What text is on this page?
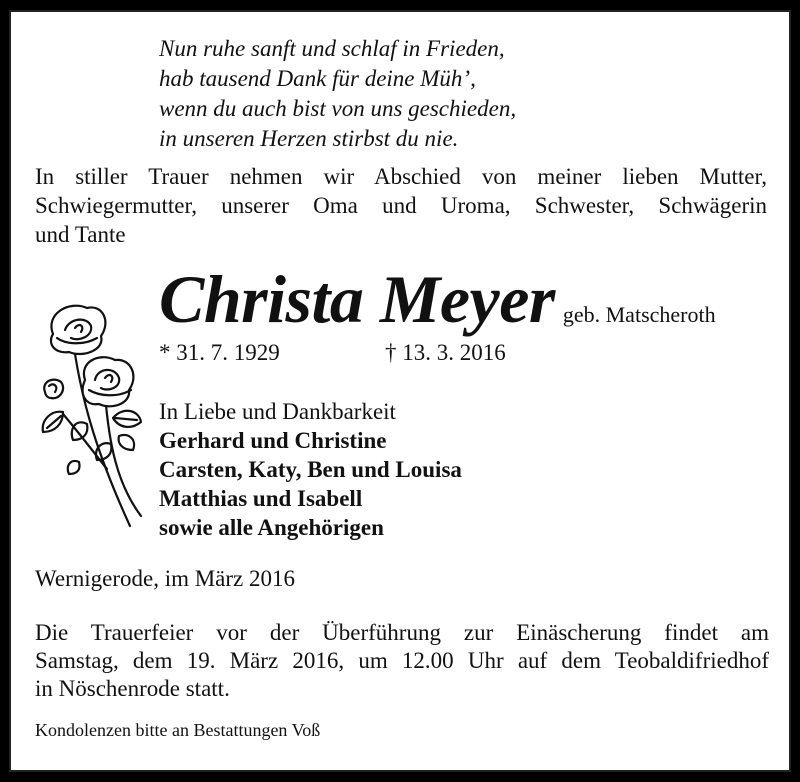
Nun ruhe sanft und schlaf in Frieden,
hab tausend Dank für deine Müh’,
wenn du auch bist von uns geschieden,
in unseren Herzen stirbst du nie.
In stiller Trauer nehmen wir Abschied von meiner lieben Mutter,
Schwiegermutter, unserer Oma und Uroma, Schwester, Schwägerin
und Tante
Christa Meyer geb. Matscheroth
* 31. 7. 1929	† 13. 3. 2016
In Liebe und Dankbarkeit
Gerhard und Christine
Carsten, Katy, Ben und Louisa
Matthias und Isabell
sowie alle Angehörigen
Wernigerode, im März 2016
Die Trauerfeier vor der Überführung zur Einäscherung findet am
Samstag, dem 19. März 2016, um 12.00 Uhr auf dem Teobaldifriedhof
in Nöschenrode statt.
Kondolenzen bitte an Bestattungen Voß
